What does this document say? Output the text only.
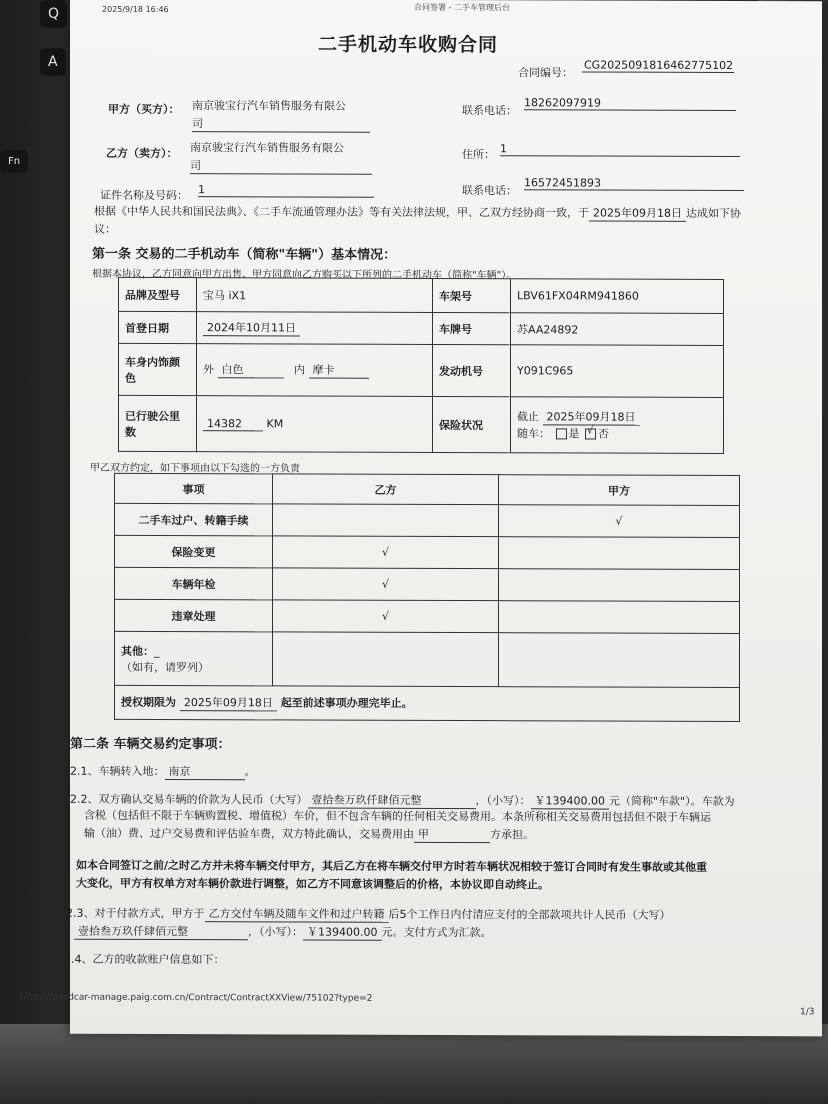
Q
A
Fn
2025/9/18 16:46	合同签署 - 二手车管理后台
二手机动车收购合同
合同编号：
CG20250918164627751​02
甲方（买方）： 南京骏宝行汽车销售服务有限公
司
联系电话：
18262097919
乙方（卖方）： 南京骏宝行汽车销售服务有限公
司
住所： 1
证件名称及号码： 1	联系电话：
16572451893
根据《中华人民共和国民法典》、《二手车流通管理办法》等有关法律法规，甲、乙双方经协商一致，于 2025年09月18日 达成如下协
议：
第一条 交易的二手机动车（简称"车辆"）基本情况：
根据本协议，乙方同意向甲方出售、甲方同意向乙方购买以下所列的二手机动车（简称"车辆"）。
品牌及型号	宝马 iX1	车架号	LBV61FX04RM941860
首登日期	2024年10月11日	车牌号	苏AA24892
车身内饰颜
色	外 白色 内 摩卡	发动机号	Y091C965
已行驶公里
数	14382 KM	保险状况	截止 2025年09月18日
随车： 是 √ 否
甲乙双方约定，如下事项由以下勾选的一方负责
事项	乙方	甲方
二手车过户、转籍手续		√
保险变更	√	
车辆年检	√	
违章处理	√	
其他：_
（如有，请罗列）		
授权期限为 2025年09月18日 起至前述事项办理完毕止。		
第二条 车辆交易约定事项：
2.1、车辆转入地： 南京	。
2.2、双方确认交易车辆的价款为人民币（大写） 壹拾叁万玖仟肆佰元整	，（小写）： ￥139400.00 元（简称"车款"）。车款为
含税（包括但不限于车辆购置税、增值税）车价，但不包含车辆的任何相关交易费用。本条所称相关交易费用包括但不限于车辆运
输（油）费、过户交易费和评估验车费，双方特此确认，交易费用由 甲	方承担。
如本合同签订之前/之时乙方并未将车辆交付甲方，其后乙方在将车辆交付甲方时若车辆状况相较于签订合同时有发生事故或其他重
大变化，甲方有权单方对车辆价款进行调整，如乙方不同意该调整后的价格，本协议即自动终止。
2.3、对于付款方式，甲方于 乙方交付车辆及随车文件和过户转籍 后5个工作日内付清应支付的全部款项共计人民币（大写）
壹拾叁万玖仟肆佰元整	，（小写）： ￥139400.00 元。支付方式为汇款。
2.4、乙方的收款账户信息如下：
https://usedcar-manage.paig.com.cn/Contract/ContractXXView/75102?type=2
1/3
